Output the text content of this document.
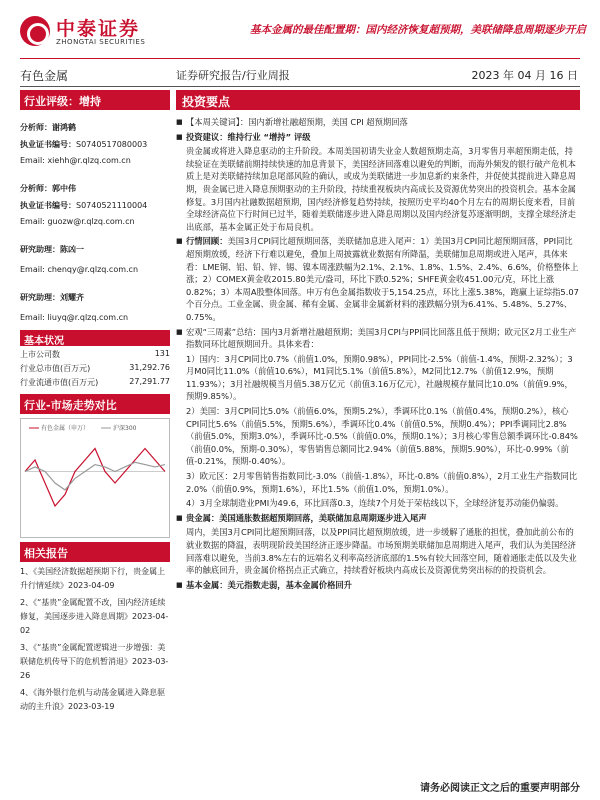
中泰证券
ZHONGTAI SECURITIES
基本金属的最佳配置期：国内经济恢复超预期，美联储降息周期逐步开启
有色金属	证券研究报告/行业周报	2023 年 04 月 16 日
行业评级：增持
分析师：谢鸿鹤
执业证书编号：S0740517080003
Email: xiehh@r.qlzq.com.cn
分析师：郭中伟
执业证书编号：S0740521110004
Email: guozw@r.qlzq.com.cn
研究助理：陈凶一
Email: chenqy@r.qlzq.com.cn
研究助理：刘耀齐
Email: liuyq@r.qlzq.com.cn
基本状况
上市公司数	131
行业总市值(百万元)	31,292.76
行业流通市值(百万元)	27,291.77
行业-市场走势对比
有色金属（申万）	沪深300
相关报告
1、《美国经济数据超预期下行，贵金属上升行情延续》2023-04-09
2、《“基贵”金属配置不改，国内经济延续修复，美国逐步进入降息周期》2023-04-02
3、《“基贵”金属配置逻辑进一步增强：美联储危机传导下的危机暂消退》2023-03-26
4、《海外银行危机与动荡金属进入降息驱动的主升浪》2023-03-19
投资要点
■ 【本周关键词】：国内新增社融超预期，美国 CPI 超预期回落
■ 投资建议：维持行业 “增持” 评级
贵金属或将进入降息驱动的主升阶段。本周美国初请失业金人数超预期走高，3月零售月率超预期走低，持续验证在美联储前期持续快速的加息背景下，美国经济回落难以避免的判断，而海外频发的银行破产危机本质上是对美联储持续加息尾部风险的确认，或成为美联储进一步加息新约束条件，并促使其提前进入降息周期，贵金属已进入降息预期驱动的主升阶段，持续重视板块内高成长及资源优势突出的投资机会。基本金属修复。3月国内社融数据超预期，国内经济修复趋势持续，按照历史平均40个月左右的周期长度来看，目前全球经济高位下行时间已过半，随着美联储逐步进入降息周期以及国内经济复苏逐渐明朗，支撑全球经济走出底部，基本金属正处于布局良机。
■ 行情回顾：美国3月CPI同比超预期回落，美联储加息进入尾声：1）美国3月CPI同比超预期回落，PPI同比超预期放缓，经济下行难以避免，叠加上周披露就业数据有所降温，美联储加息周期或进入尾声，具体来看：LME铜、铝、铅、锌、锡、镍本周涨跌幅为2.1%、2.1%、1.8%、1.5%、2.4%、6.6%，价格整体上涨；2）COMEX黄金收2015.80美元/盎司，环比下跌0.52%；SHFE黄金收451.00元/克，环比上涨0.82%；3）本周A股整体回落。申万有色金属指数收于5,154.25点，环比上涨5.38%，跑赢上证综指5.07个百分点。工业金属、贵金属、稀有金属、金属非金属新材料的涨跌幅分别为6.41%、5.48%、5.27%、0.75%。
■ 宏观“三周素”总结：国内3月新增社融超预期；美国3月CPI与PPI同比回落且低于预期；欧元区2月工业生产指数同环比超预期回升。具体来看：
1）国内：3月CPI同比0.7%（前值1.0%，预期0.98%），PPI同比-2.5%（前值-1.4%，预期-2.32%）；3月M0同比11.0%（前值10.6%），M1同比5.1%（前值5.8%），M2同比12.7%（前值12.9%，预期11.93%）；3月社融规模当月值5.38万亿元（前值3.16万亿元），社融规模存量同比10.0%（前值9.9%，预期9.85%）。
2）美国：3月CPI同比5.0%（前值6.0%，预期5.2%），季调环比0.1%（前值0.4%，预期0.2%），核心CPI同比5.6%（前值5.5%，预期5.6%），季调环比0.4%（前值0.5%，预期0.4%）；PPI季调同比2.8%（前值5.0%，预期3.0%），季调环比-0.5%（前值0.0%，预期0.1%）；3月核心零售总额季调环比-0.84%（前值0.0%，预期-0.30%），零售销售总额同比2.94%（前值5.88%，预期5.90%），环比-0.99%（前值-0.21%，预期-0.40%）。
3）欧元区：2月零售销售指数同比-3.0%（前值-1.8%），环比-0.8%（前值0.8%），2月工业生产指数同比2.0%（前值0.9%，预期1.6%），环比1.5%（前值1.0%，预期1.0%）。
4）3月全球制造业PMI为49.6，环比回落0.3，连续7个月处于荣枯线以下，全球经济复苏动能仍偏弱。
■ 贵金属：美国通胀数据超预期回落，美联储加息周期逐步进入尾声
周内，美国3月CPI同比超预期回落，以及PPI同比超预期放缓，进一步缓解了通胀的担忧，叠加此前公布的就业数据的降温，表明现阶段美国经济正逐步降温。市场预期美联储加息周期进入尾声，我们认为美国经济回落难以避免，当前3.8%左右的远端名义利率高经济底部的1.5%有较大回落空间，随着通胀走低以及失业率的触底回升，贵金属价格拐点正式确立，持续看好板块内高成长及资源优势突出标的的投资机会。
■ 基本金属：美元指数走弱，基本金属价格回升
请务必阅读正文之后的重要声明部分
